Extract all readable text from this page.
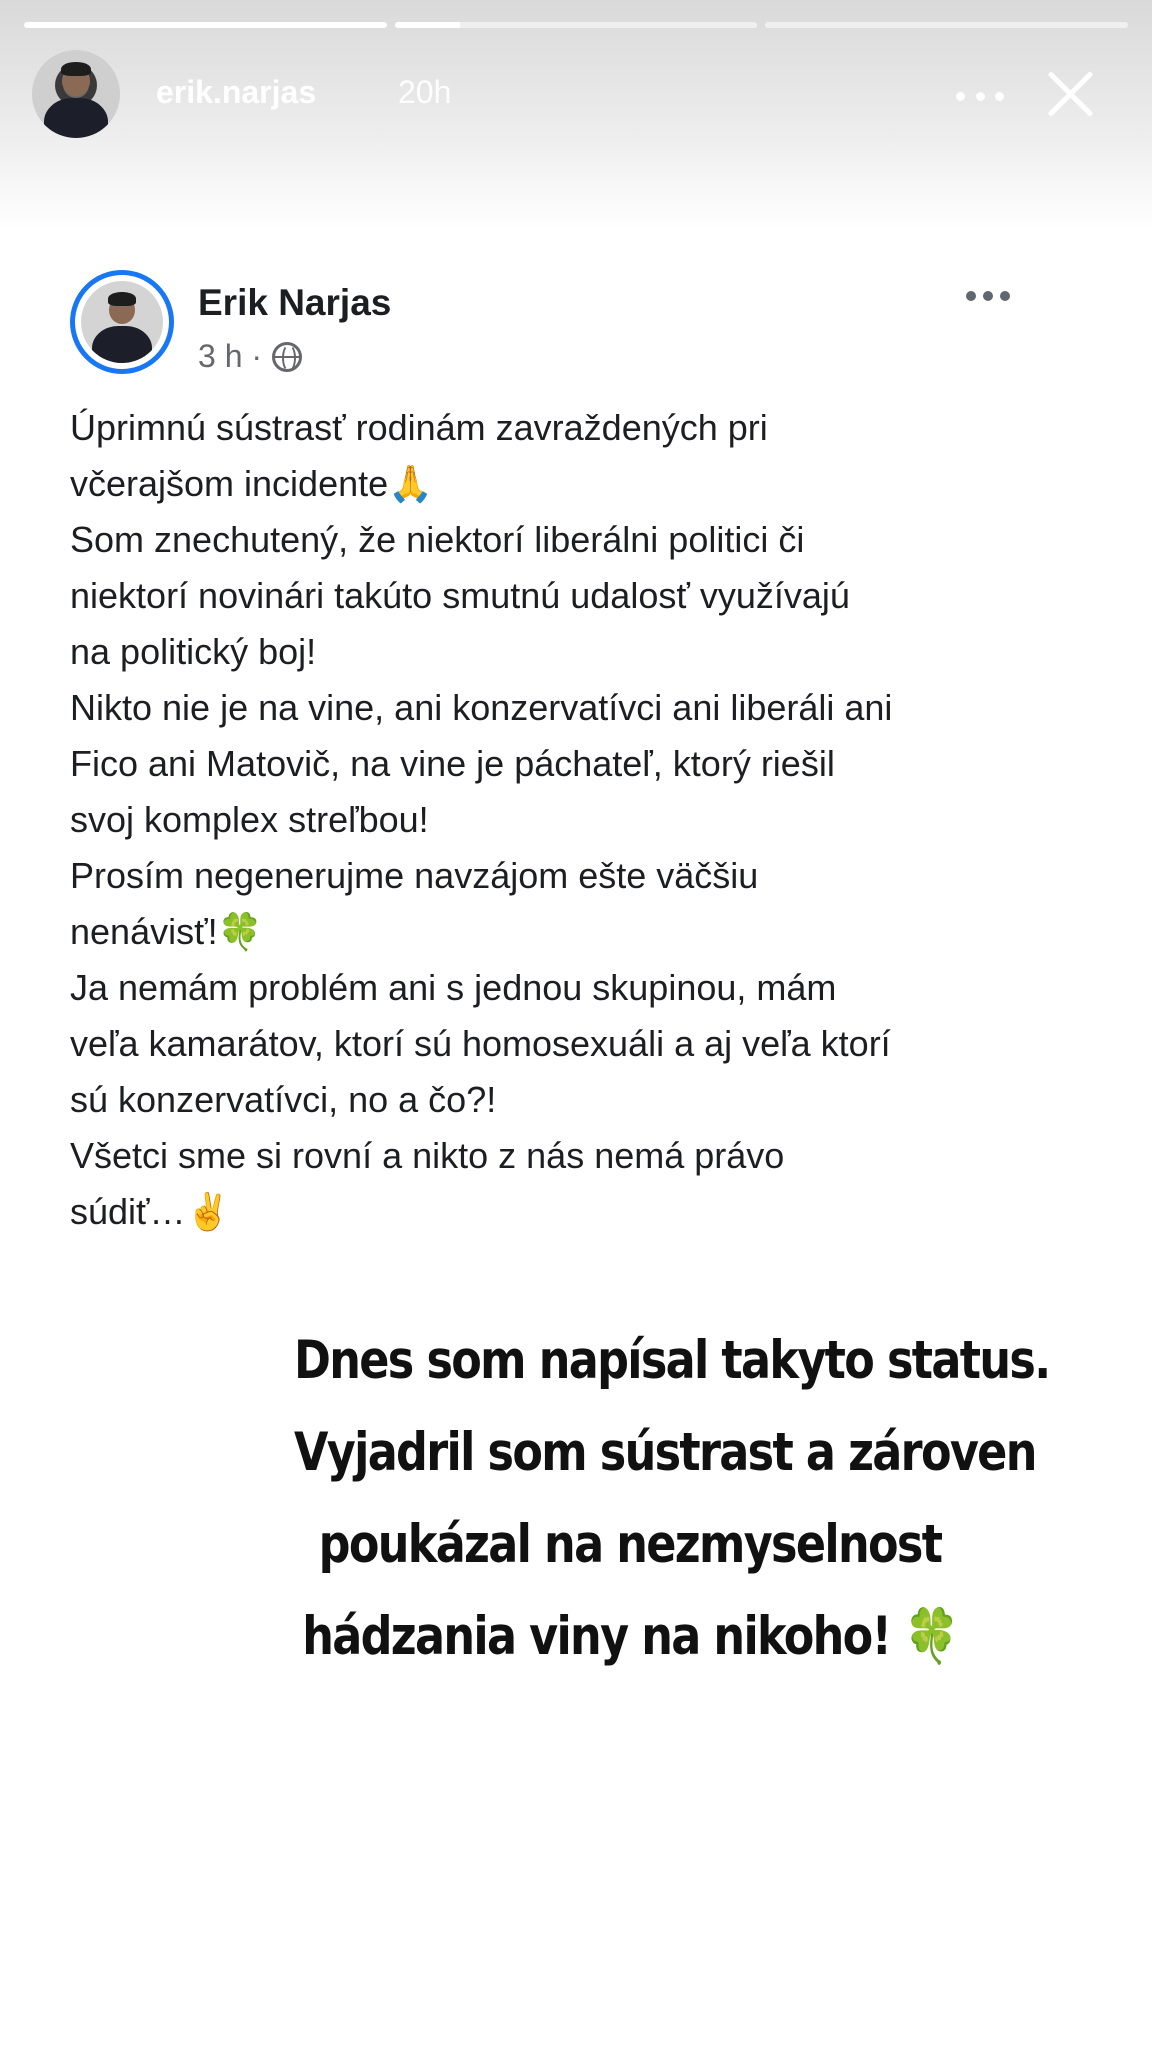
erik.narjas	20h
Erik Narjas
3 h ·

Úprimnú sústrasť rodinám zavraždených pri

včerajšom incidente🙏

Som znechutený, že niektorí liberálni politici či

niektorí novinári takúto smutnú udalosť využívajú

na politický boj!

Nikto nie je na vine, ani konzervatívci ani liberáli ani

Fico ani Matovič, na vine je páchateľ, ktorý riešil

svoj komplex streľbou!

Prosím negenerujme navzájom ešte väčšiu

nenávisť!🍀

Ja nemám problém ani s jednou skupinou, mám

veľa kamarátov, ktorí sú homosexuáli a aj veľa ktorí

sú konzervatívci, no a čo?!

Všetci sme si rovní a nikto z nás nemá právo

súdiť…✌️

Dnes som napísal takyto status.

Vyjadril som sústrast a zároven

poukázal na nezmyselnost

hádzania viny na nikoho! 🍀
